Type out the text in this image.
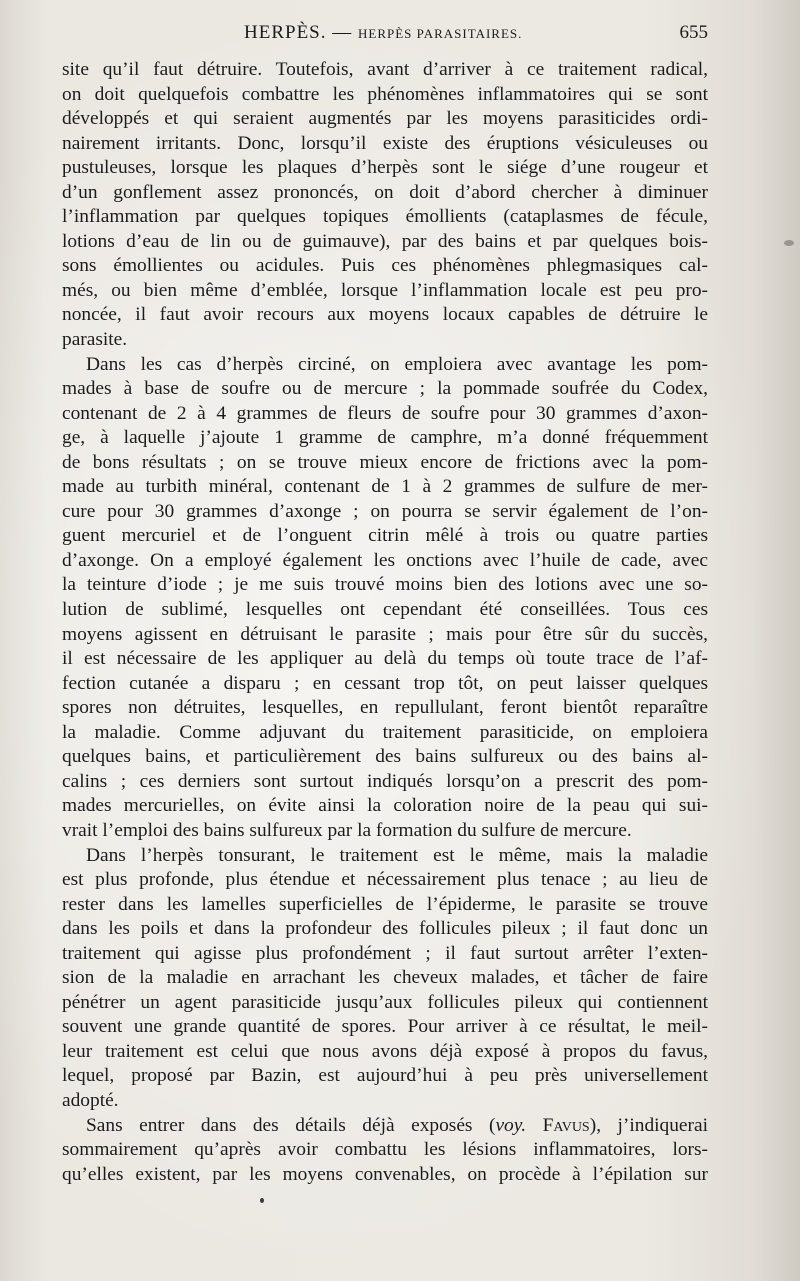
HERPÈS. — HERPÈS PARASITAIRES.	655

site qu’il faut détruire. Toutefois, avant d’arriver à ce traitement radical,
on doit quelquefois combattre les phénomènes inflammatoires qui se sont
développés et qui seraient augmentés par les moyens parasiticides ordi-
nairement irritants. Donc, lorsqu’il existe des éruptions vésiculeuses ou
pustuleuses, lorsque les plaques d’herpès sont le siége d’une rougeur et
d’un gonflement assez prononcés, on doit d’abord chercher à diminuer
l’inflammation par quelques topiques émollients (cataplasmes de fécule,
lotions d’eau de lin ou de guimauve), par des bains et par quelques bois-
sons émollientes ou acidules. Puis ces phénomènes phlegmasiques cal-
més, ou bien même d’emblée, lorsque l’inflammation locale est peu pro-
noncée, il faut avoir recours aux moyens locaux capables de détruire le
parasite.

Dans les cas d’herpès circiné, on emploiera avec avantage les pom-
mades à base de soufre ou de mercure ; la pommade soufrée du Codex,
contenant de 2 à 4 grammes de fleurs de soufre pour 30 grammes d’axon-
ge, à laquelle j’ajoute 1 gramme de camphre, m’a donné fréquemment
de bons résultats ; on se trouve mieux encore de frictions avec la pom-
made au turbith minéral, contenant de 1 à 2 grammes de sulfure de mer-
cure pour 30 grammes d’axonge ; on pourra se servir également de l’on-
guent mercuriel et de l’onguent citrin mêlé à trois ou quatre parties
d’axonge. On a employé également les onctions avec l’huile de cade, avec
la teinture d’iode ; je me suis trouvé moins bien des lotions avec une so-
lution de sublimé, lesquelles ont cependant été conseillées. Tous ces
moyens agissent en détruisant le parasite ; mais pour être sûr du succès,
il est nécessaire de les appliquer au delà du temps où toute trace de l’af-
fection cutanée a disparu ; en cessant trop tôt, on peut laisser quelques
spores non détruites, lesquelles, en repullulant, feront bientôt reparaître
la maladie. Comme adjuvant du traitement parasiticide, on emploiera
quelques bains, et particulièrement des bains sulfureux ou des bains al-
calins ; ces derniers sont surtout indiqués lorsqu’on a prescrit des pom-
mades mercurielles, on évite ainsi la coloration noire de la peau qui sui-
vrait l’emploi des bains sulfureux par la formation du sulfure de mercure.

Dans l’herpès tonsurant, le traitement est le même, mais la maladie
est plus profonde, plus étendue et nécessairement plus tenace ; au lieu de
rester dans les lamelles superficielles de l’épiderme, le parasite se trouve
dans les poils et dans la profondeur des follicules pileux ; il faut donc un
traitement qui agisse plus profondément ; il faut surtout arrêter l’exten-
sion de la maladie en arrachant les cheveux malades, et tâcher de faire
pénétrer un agent parasiticide jusqu’aux follicules pileux qui contiennent
souvent une grande quantité de spores. Pour arriver à ce résultat, le meil-
leur traitement est celui que nous avons déjà exposé à propos du favus,
lequel, proposé par Bazin, est aujourd’hui à peu près universellement
adopté.

Sans entrer dans des détails déjà exposés (voy. Favus), j’indiquerai
sommairement qu’après avoir combattu les lésions inflammatoires, lors-
qu’elles existent, par les moyens convenables, on procède à l’épilation sur
